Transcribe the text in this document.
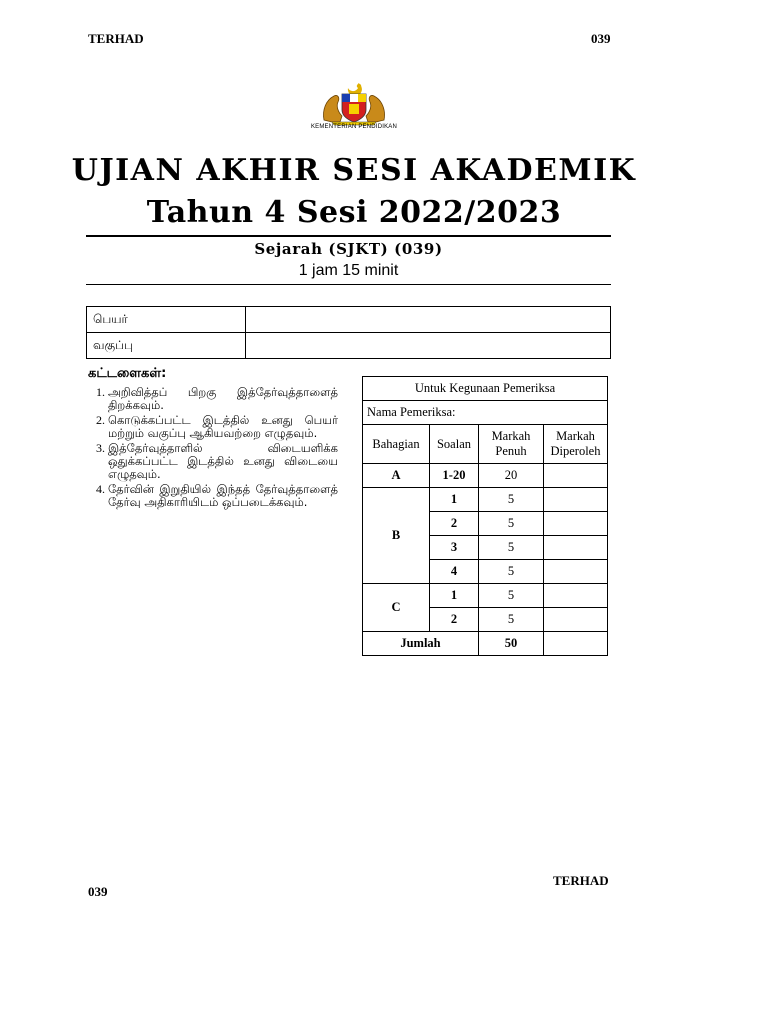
TERHAD	039
KEMENTERIAN PENDIDIKAN
UJIAN AKHIR SESI AKADEMIK
Tahun 4 Sesi 2022/2023
Sejarah (SJKT) (039)
1 jam 15 minit
பெயர்	
வகுப்பு	
கட்டளைகள்:
1. அறிவித்தப் பிறகு இத்தேர்வுத்தாளைத் திறக்கவும்.
2. கொடுக்கப்பட்ட இடத்தில் உனது பெயர் மற்றும் வகுப்பு ஆகியவற்றை எழுதவும்.
3. இத்தேர்வுத்தாளில் விடையளிக்க ஒதுக்கப்பட்ட இடத்தில் உனது விடையை எழுதவும்.
4. தேர்வின் இறுதியில் இந்தத் தேர்வுத்தாளைத் தேர்வு அதிகாரியிடம் ஒப்படைக்கவும்.
Untuk Kegunaan Pemeriksa			
Nama Pemeriksa:			
Bahagian	Soalan	Markah Penuh	Markah Diperoleh
A	1-20	20	
B	1	5	
	2	5	
	3	5	
	4	5	
C	1	5	
	2	5	
Jumlah		50	
TERHAD
039
